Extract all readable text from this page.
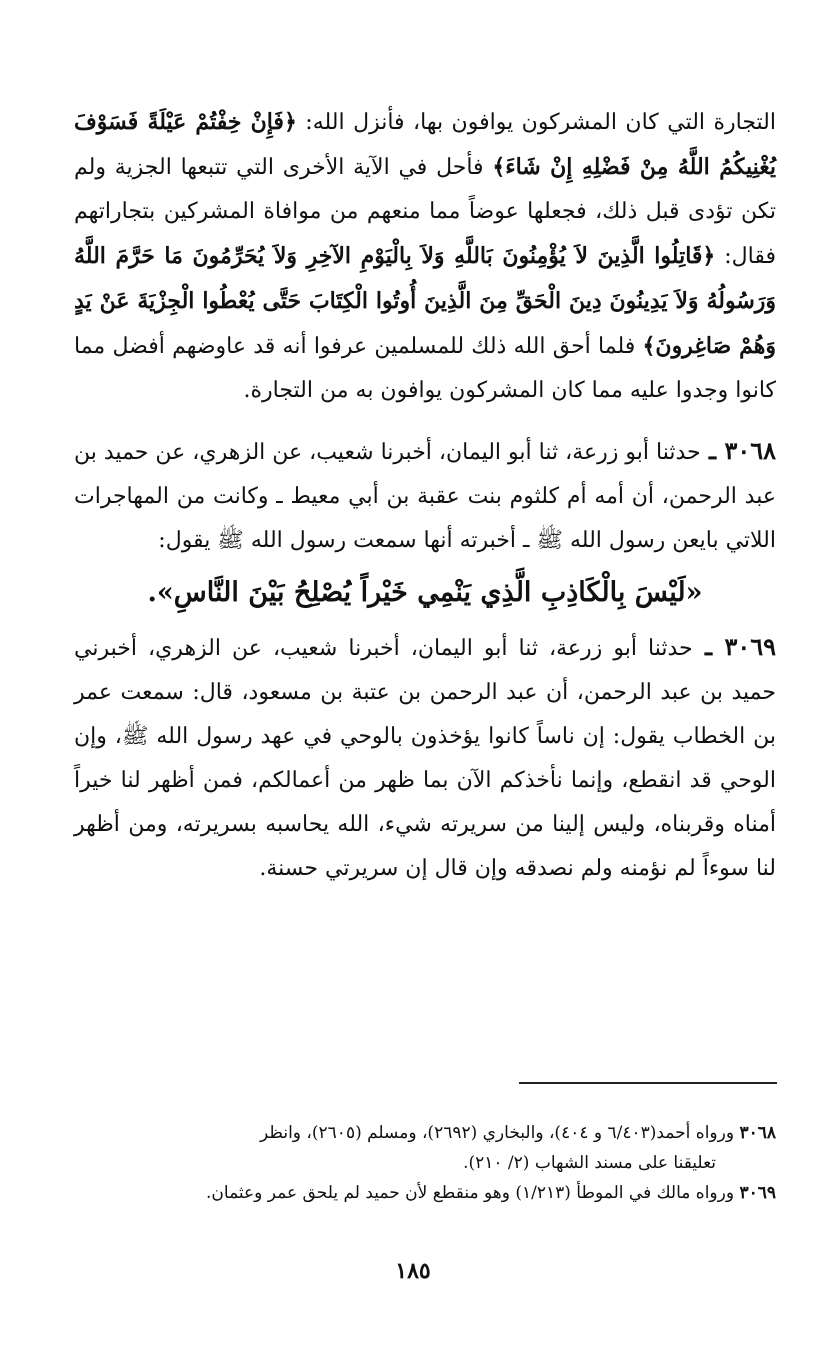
التجارة التي كان المشركون يوافون بها، فأنزل الله: ﴿فَإِنْ خِفْتُمْ عَيْلَةً فَسَوْفَ يُغْنِيكُمُ اللَّهُ مِنْ فَضْلِهِ إِنْ شَاءَ﴾ فأحل في الآية الأخرى التي تتبعها الجزية ولم تكن تؤدى قبل ذلك، فجعلها عوضاً مما منعهم من موافاة المشركين بتجاراتهم فقال: ﴿قَاتِلُوا الَّذِينَ لاَ يُؤْمِنُونَ بَاللَّهِ وَلاَ بِالْيَوْمِ الآخِرِ وَلاَ يُحَرِّمُونَ مَا حَرَّمَ اللَّهُ وَرَسُولُهُ وَلاَ يَدِينُونَ دِينَ الْحَقِّ مِنَ الَّذِينَ أُوتُوا الْكِتَابَ حَتَّى يُعْطُوا الْجِزْيَةَ عَنْ يَدٍ وَهُمْ صَاغِرونَ﴾ فلما أحق الله ذلك للمسلمين عرفوا أنه قد عاوضهم أفضل مما كانوا وجدوا عليه مما كان المشركون يوافون به من التجارة.

٣٠٦٨ ـ حدثنا أبو زرعة، ثنا أبو اليمان، أخبرنا شعيب، عن الزهري، عن حميد بن عبد الرحمن، أن أمه أم كلثوم بنت عقبة بن أبي معيط ـ وكانت من المهاجرات اللاتي بايعن رسول الله ﷺ ـ أخبرته أنها سمعت رسول الله ﷺ يقول:

«لَيْسَ بِالْكَاذِبِ الَّذِي يَنْمِي خَيْراً يُصْلِحُ بَيْنَ النَّاسِ».

٣٠٦٩ ـ حدثنا أبو زرعة، ثنا أبو اليمان، أخبرنا شعيب، عن الزهري، أخبرني حميد بن عبد الرحمن، أن عبد الرحمن بن عتبة بن مسعود، قال: سمعت عمر بن الخطاب يقول: إن ناساً كانوا يؤخذون بالوحي في عهد رسول الله ﷺ، وإن الوحي قد انقطع، وإنما نأخذكم الآن بما ظهر من أعمالكم، فمن أظهر لنا خيراً أمناه وقربناه، وليس إلينا من سريرته شيء، الله يحاسبه بسريرته، ومن أظهر لنا سوءاً لم نؤمنه ولم نصدقه وإن قال إن سريرتي حسنة.

٣٠٦٨ ورواه أحمد(٦/٤٠٣ و ٤٠٤)، والبخاري (٢٦٩٢)، ومسلم (٢٦٠٥)، وانظر

تعليقنا على مسند الشهاب (٢/ ٢١٠).

٣٠٦٩ ورواه مالك في الموطأ (١/٢١٣) وهو منقطع لأن حميد لم يلحق عمر وعثمان.

١٨٥
